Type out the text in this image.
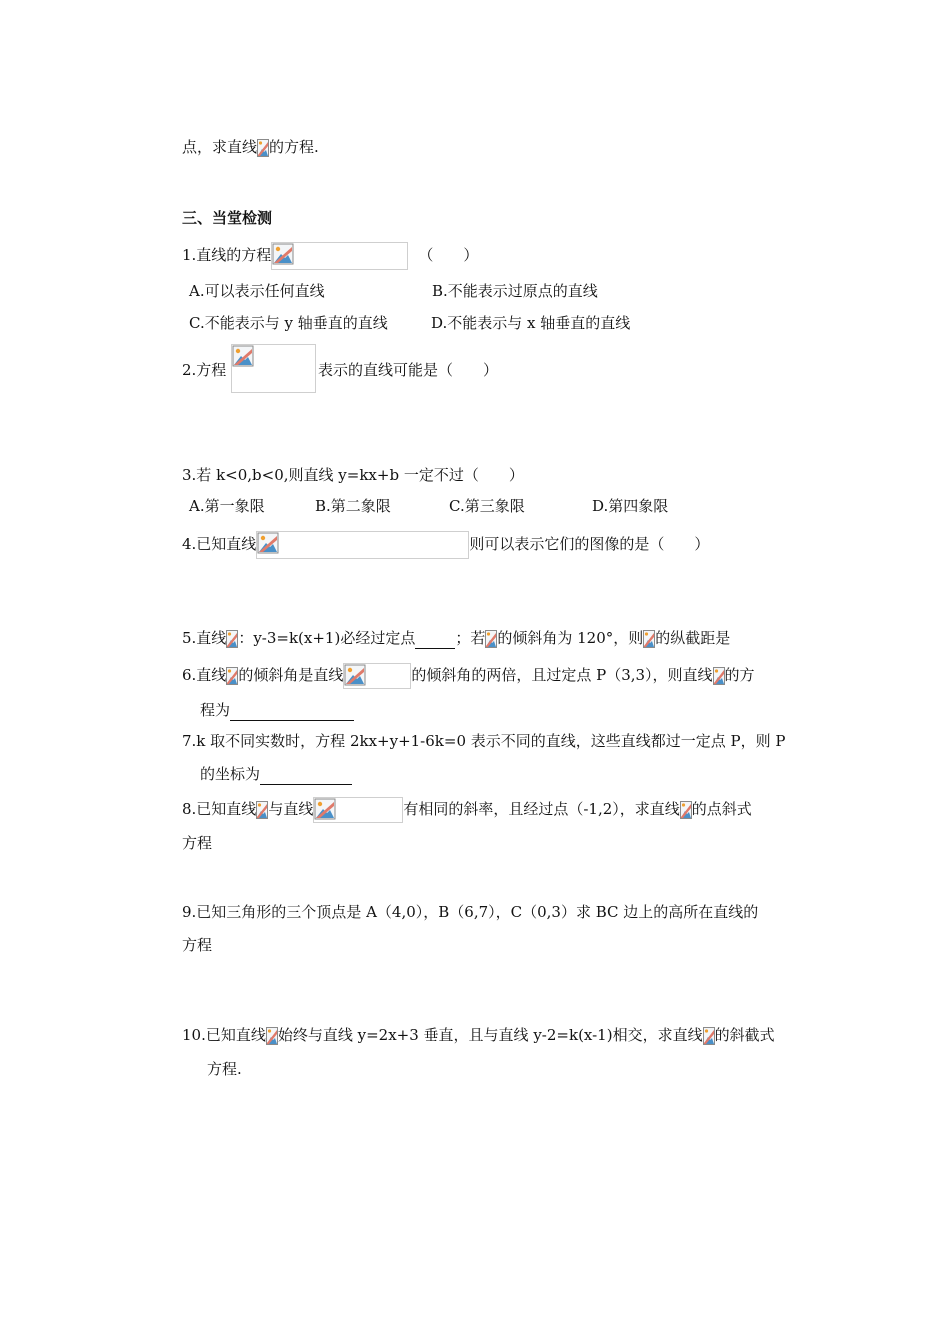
点，求直线 的方程.
三、当堂检测
1.直线的方程	（　　）
A.可以表示任何直线	B.不能表示过原点的直线
C.不能表示与 y 轴垂直的直线	D.不能表示与 x 轴垂直的直线
2.方程	表示的直线可能是（　　）
3.若 k<0,b<0,则直线 y=kx+b 一定不过（　　）
A.第一象限	B.第二象限	C.第三象限	D.第四象限
4.已知直线	则可以表示它们的图像的是（　　）
5.直线 ：y-3=k(x+1)必经过定点	；若 的倾斜角为 120°，则 的纵截距是
6.直线 的倾斜角是直线	的倾斜角的两倍，且过定点 P（3,3），则直线 的方
程为
7.k 取不同实数时，方程 2kx+y+1-6k=0 表示不同的直线，这些直线都过一定点 P，则 P
的坐标为
8.已知直线 与直线	有相同的斜率，且经过点（-1,2），求直线 的点斜式
方程
9.已知三角形的三个顶点是 A（4,0），B（6,7），C（0,3）求 BC 边上的高所在直线的
方程
10.已知直线 始终与直线 y=2x+3 垂直，且与直线 y-2=k(x-1)相交，求直线 的斜截式
方程.
